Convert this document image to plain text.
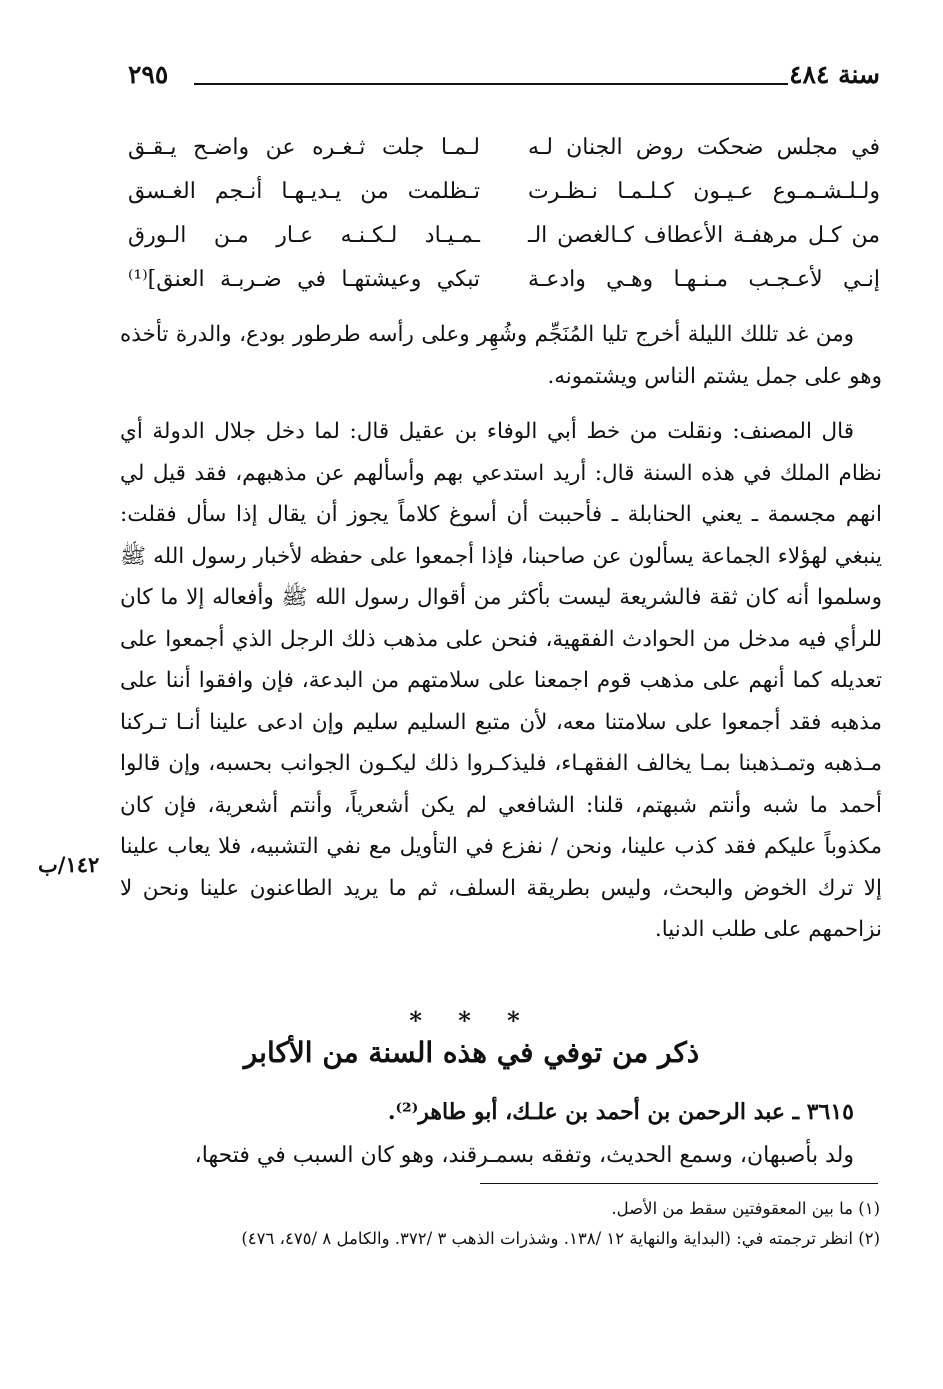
سنة ٤٨٤
٢٩٥
في مجلس ضحكت روض الجنان لـه
لـمـا جلت ثـغـره عن واضـح يـقـق
ولـلـشـمـوع عـيـون كـلـمـا نـظـرت
تـظلمت من يـديـهـا أنـجم الغـسق
من كـل مرهفـة الأعطاف كـالغصن الـ
ـمـيـاد لـكـنـه عـار مـن الـورق
إنـي لأعـجـب مـنـهـا وهـي وادعـة
تبكي وعيشتهـا في ضـربـة العنق]⁽¹⁾

ومن غد تللك الليلة أخرج تليا المُنَجِّم وشُهِر وعلى رأسه طرطور بودع، والدرة تأخذه وهو على جمل يشتم الناس ويشتمونه.

قال المصنف: ونقلت من خط أبي الوفاء بن عقيل قال: لما دخل جلال الدولة أي نظام الملك في هذه السنة قال: أريد استدعي بهم وأسألهم عن مذهبهم، فقد قيل لي انهم مجسمة ـ يعني الحنابلة ـ فأحببت أن أسوغ كلاماً يجوز أن يقال إذا سأل فقلت: ينبغي لهؤلاء الجماعة يسألون عن صاحبنا، فإذا أجمعوا على حفظه لأخبار رسول الله ﷺ وسلموا أنه كان ثقة فالشريعة ليست بأكثر من أقوال رسول الله ﷺ وأفعاله إلا ما كان للرأي فيه مدخل من الحوادث الفقهية، فنحن على مذهب ذلك الرجل الذي أجمعوا على تعديله كما أنهم على مذهب قوم اجمعنا على سلامتهم من البدعة، فإن وافقوا أننا على مذهبه فقد أجمعوا على سلامتنا معه، لأن متبع السليم سليم وإن ادعى علينا أنـا تـركنا مـذهبه وتمـذهبنا بمـا يخالف الفقهـاء، فليذكـروا ذلك ليكـون الجوانب بحسبه، وإن قالوا أحمد ما شبه وأنتم شبهتم، قلنا: الشافعي لم يكن أشعرياً، وأنتم أشعرية، فإن كان مكذوباً عليكم فقد كذب علينا، ونحن / نفزع في التأويل مع نفي التشبيه، فلا يعاب علينا إلا ترك الخوض والبحث، وليس بطريقة السلف، ثم ما يريد الطاعنون علينا ونحن لا نزاحمهم على طلب الدنيا.

١٤٢/ب
* * *
ذكر من توفي في هذه السنة من الأكابر
٣٦١٥ ـ عبد الرحمن بن أحمد بن علـك، أبو طاهر⁽²⁾.
ولد بأصبهان، وسمع الحديث، وتفقه بسمـرقند، وهو كان السبب في فتحها،
(١) ما بين المعقوفتين سقط من الأصل.
(٢) انظر ترجمته في: (البداية والنهاية ١٢ /١٣٨. وشذرات الذهب ٣ /٣٧٢. والكامل ٨ /٤٧٥، ٤٧٦)
